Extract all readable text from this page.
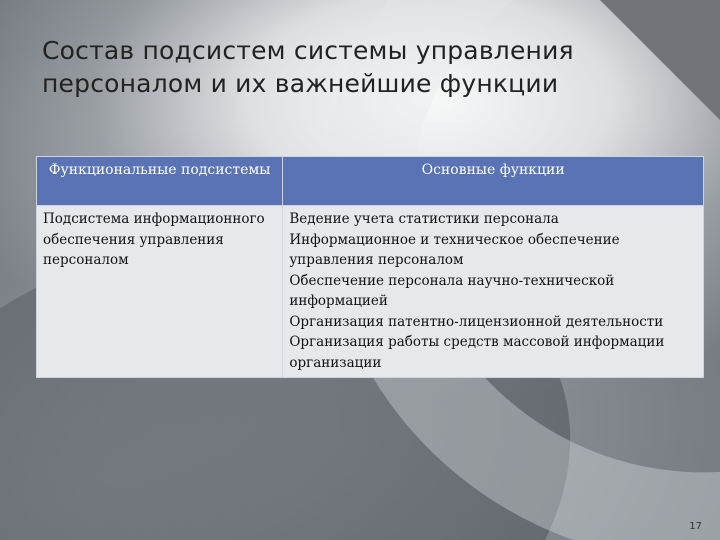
Состав подсистем системы управления персоналом и их важнейшие функции
Функциональные подсистемы	Основные функции
Подсистема информационного обеспечения управления персоналом	Ведение учета статистики персонала
Информационное и техническое обеспечение управления персоналом
Обеспечение персонала научно-технической информацией
Организация патентно-лицензионной деятельности
Организация работы средств массовой информации организации
17
